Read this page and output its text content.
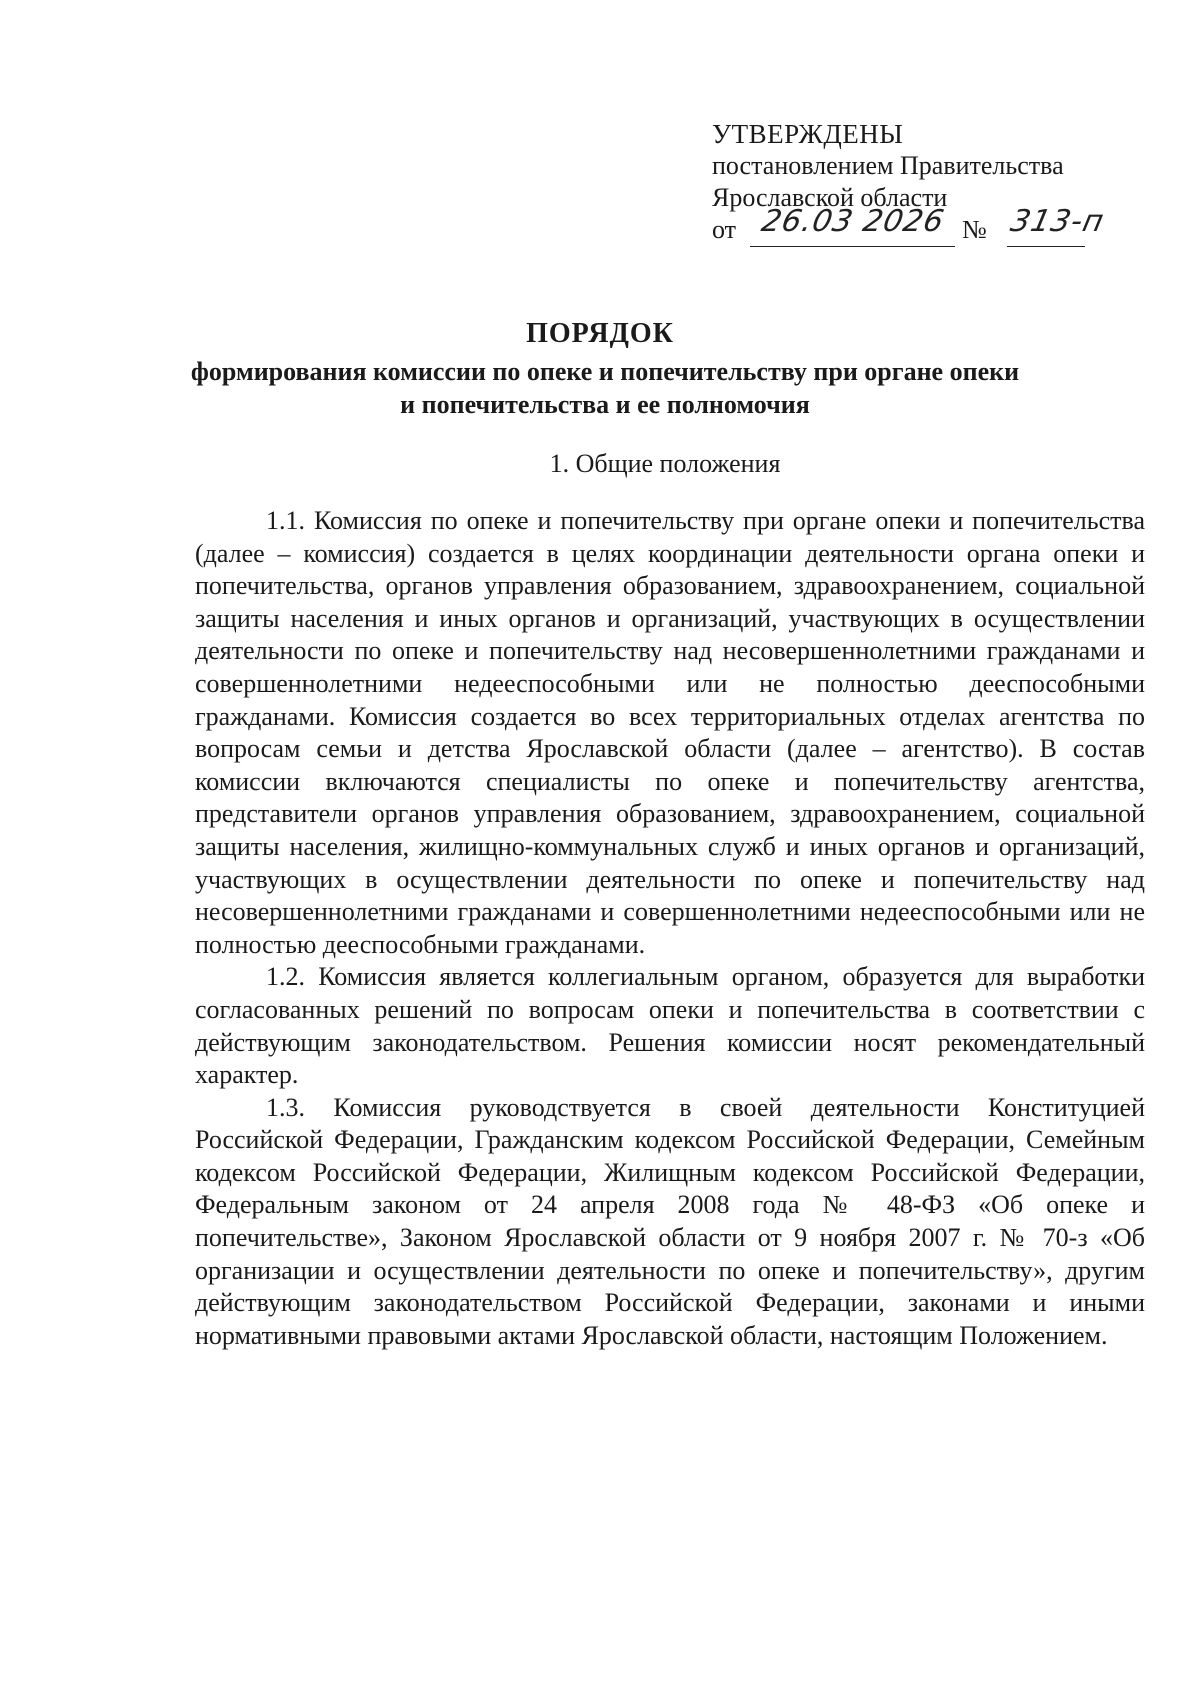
УТВЕРЖДЕНЫ
постановлением Правительства
Ярославской области
от 26.03 2026 № 313-п
ПОРЯДОК
формирования комиссии по опеке и попечительству при органе опеки и попечительства и ее полномочия
1. Общие положения

1.1. Комиссия по опеке и попечительству при органе опеки и попечительства (далее – комиссия) создается в целях координации деятельности органа опеки и попечительства, органов управления образованием, здравоохранением, социальной защиты населения и иных органов и организаций, участвующих в осуществлении деятельности по опеке и попечительству над несовершеннолетними гражданами и совершеннолетними недееспособными или не полностью дееспособными гражданами. Комиссия создается во всех территориальных отделах агентства по вопросам семьи и детства Ярославской области (далее – агентство). В состав комиссии включаются специалисты по опеке и попечительству агентства, представители органов управления образованием, здравоохранением, социальной защиты населения, жилищно-коммунальных служб и иных органов и организаций, участвующих в осуществлении деятельности по опеке и попечительству над несовершеннолетними гражданами и совершеннолетними недееспособными или не полностью дееспособными гражданами.

1.2. Комиссия является коллегиальным органом, образуется для выработки согласованных решений по вопросам опеки и попечительства в соответствии с действующим законодательством. Решения комиссии носят рекомендательный характер.

1.3. Комиссия руководствуется в своей деятельности Конституцией Российской Федерации, Гражданским кодексом Российской Федерации, Семейным кодексом Российской Федерации, Жилищным кодексом Российской Федерации, Федеральным законом от 24 апреля 2008 года № 48-ФЗ «Об опеке и попечительстве», Законом Ярославской области от 9 ноября 2007 г. № 70-з «Об организации и осуществлении деятельности по опеке и попечительству», другим действующим законодательством Российской Федерации, законами и иными нормативными правовыми актами Ярославской области, настоящим Положением.
